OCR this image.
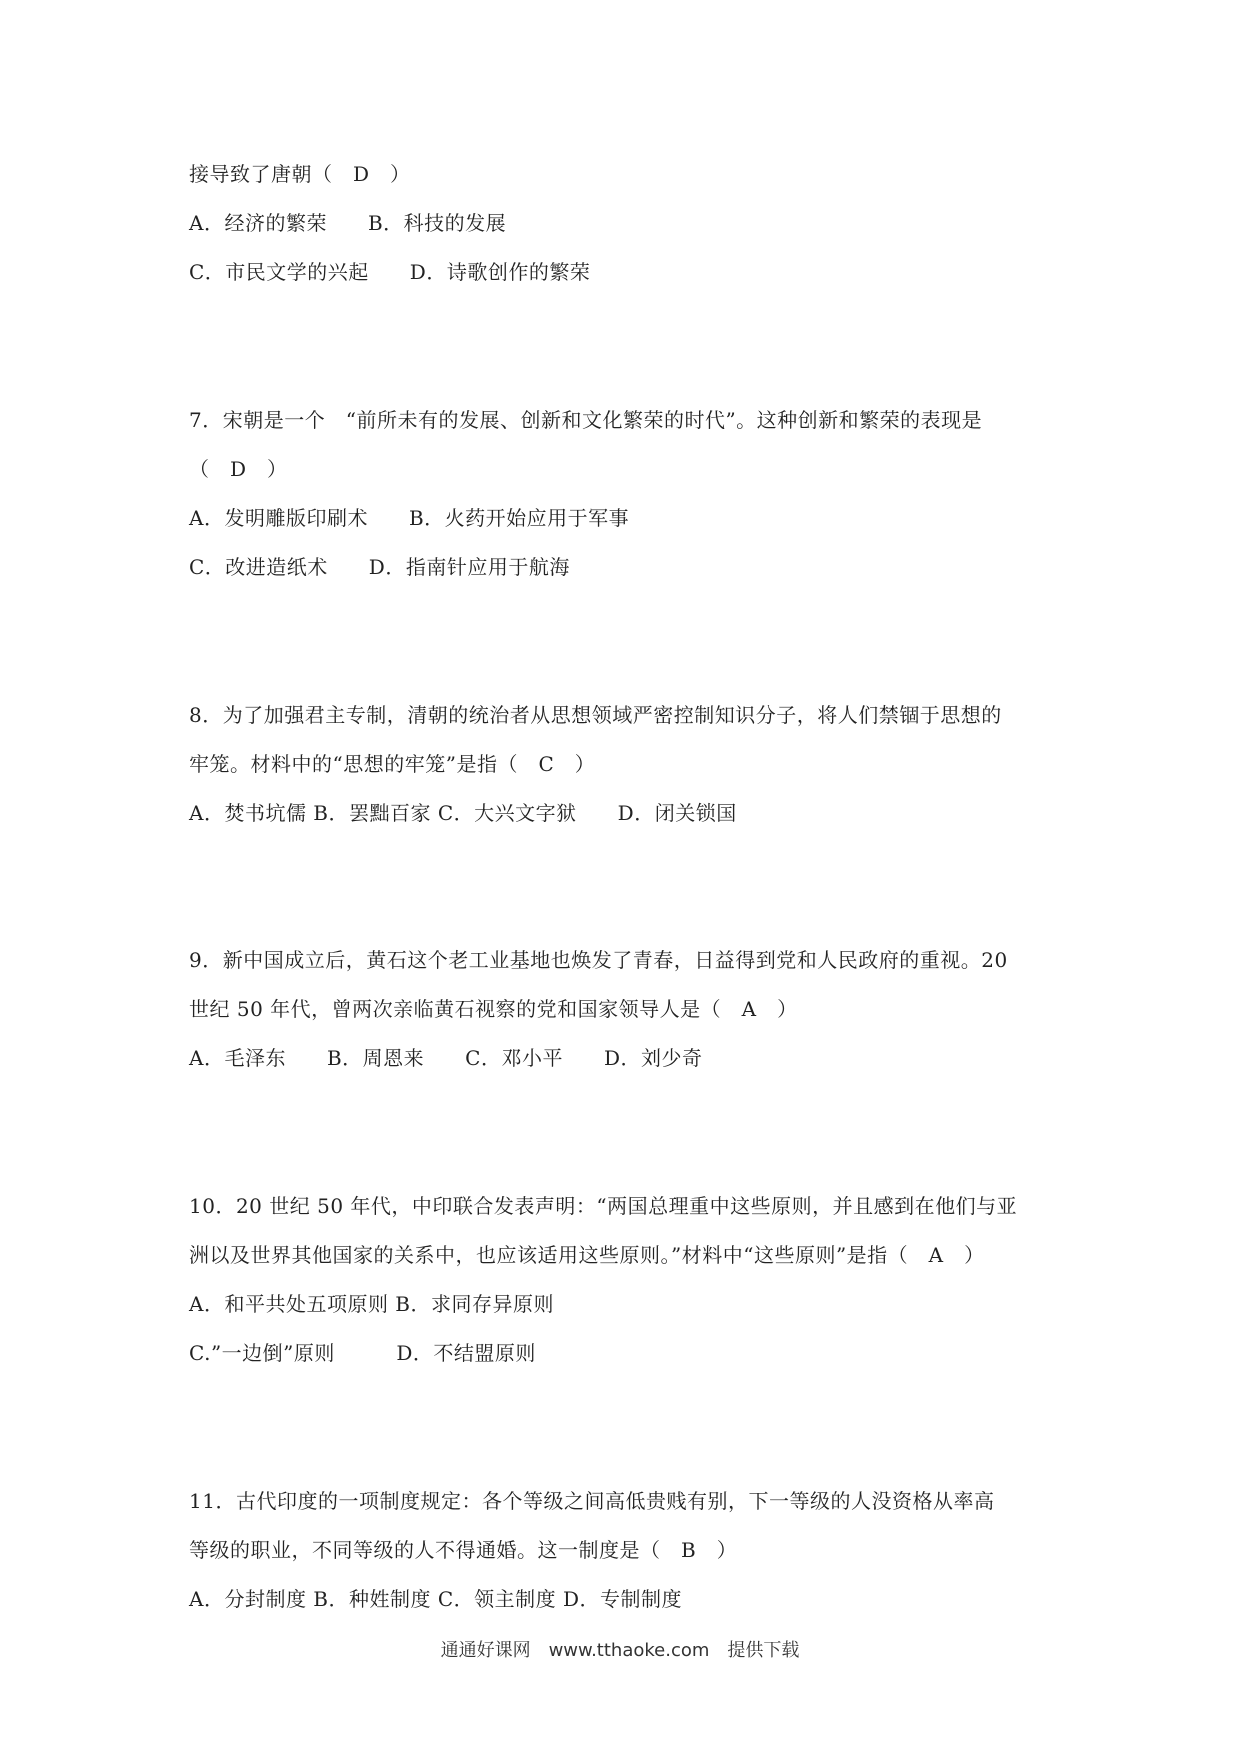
接导致了唐朝（　D　）
A．经济的繁荣　　B．科技的发展
C．市民文学的兴起　　D．诗歌创作的繁荣
7．宋朝是一个　“前所未有的发展、创新和文化繁荣的时代”。这种创新和繁荣的表现是
（　D　）
A．发明雕版印刷术　　B．火药开始应用于军事
C．改进造纸术　　D．指南针应用于航海
8．为了加强君主专制，清朝的统治者从思想领域严密控制知识分子，将人们禁锢于思想的
牢笼。材料中的“思想的牢笼”是指（　C　）
A．焚书坑儒 B．罢黜百家 C．大兴文字狱　　D．闭关锁国
9．新中国成立后，黄石这个老工业基地也焕发了青春，日益得到党和人民政府的重视。20
世纪 50 年代，曾两次亲临黄石视察的党和国家领导人是（　A　）
A．毛泽东　　B．周恩来　　C．邓小平　　D．刘少奇
10．20 世纪 50 年代，中印联合发表声明：“两国总理重中这些原则，并且感到在他们与亚
洲以及世界其他国家的关系中，也应该适用这些原则。”材料中“这些原则”是指（　A　）
A．和平共处五项原则 B．求同存异原则
C.”一边倒”原则　　　D．不结盟原则
11．古代印度的一项制度规定：各个等级之间高低贵贱有别，下一等级的人没资格从率高
等级的职业，不同等级的人不得通婚。这一制度是（　B　）
A．分封制度 B．种姓制度 C．领主制度 D．专制制度
通通好课网　www.tthaoke.com　提供下载
